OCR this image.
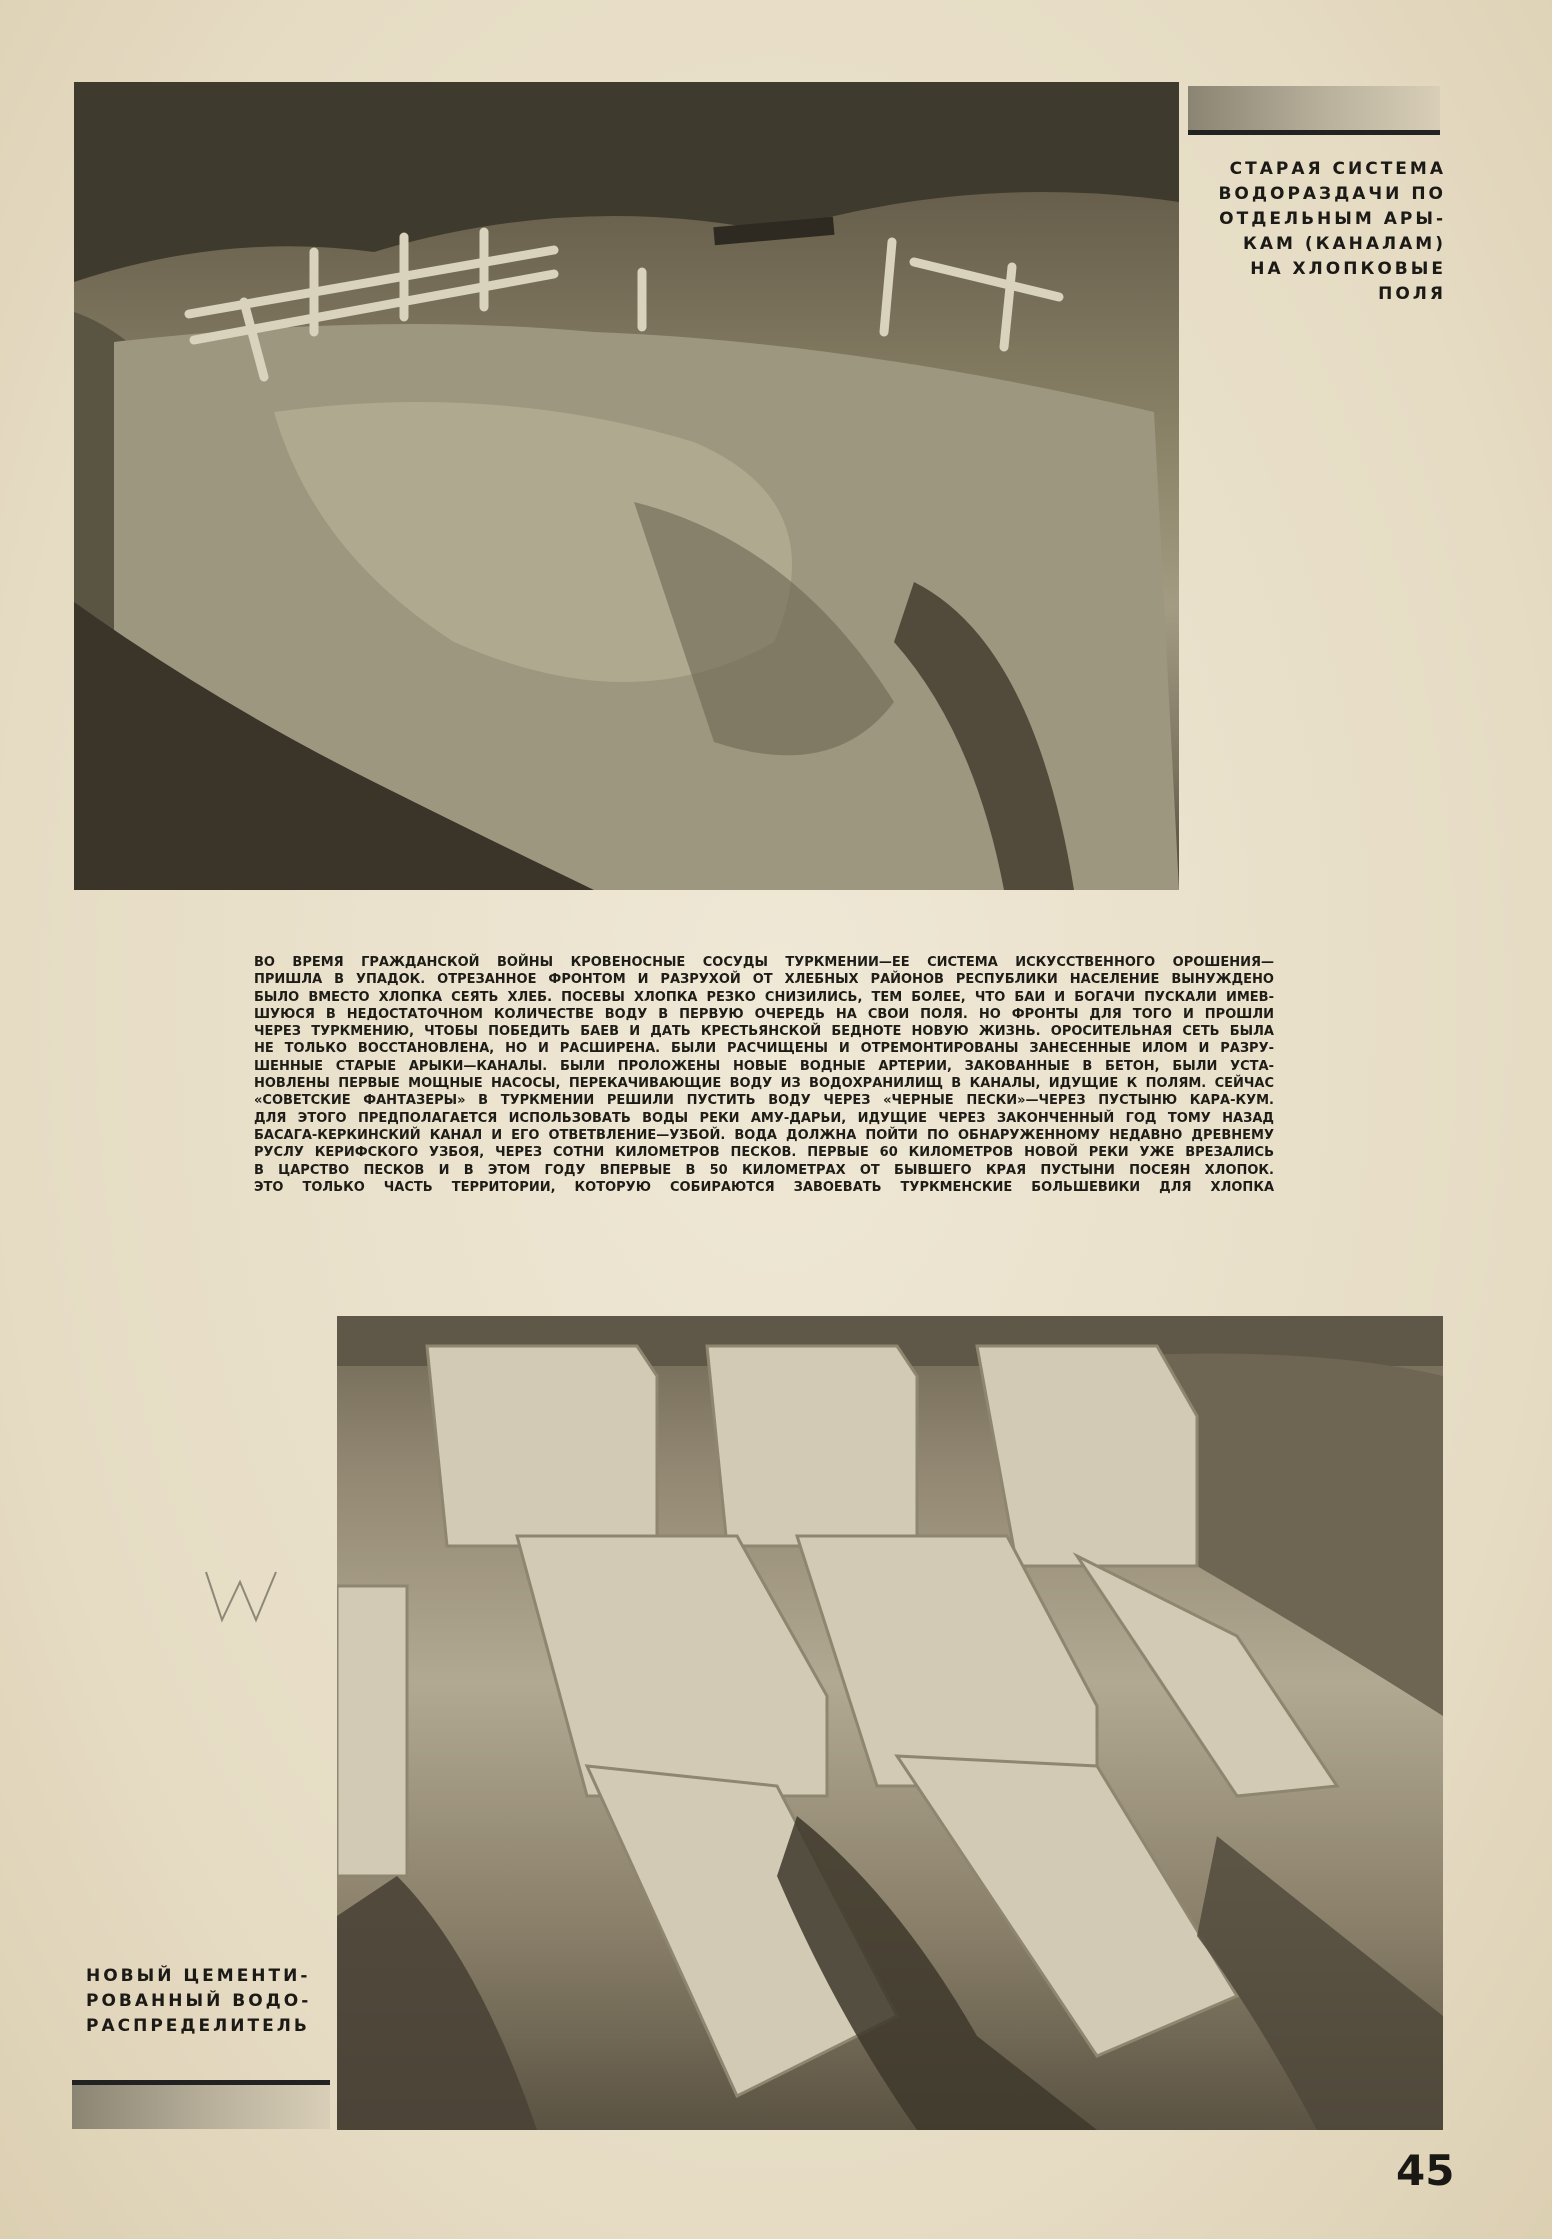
СТАРАЯ СИСТЕМА ВОДОРАЗДАЧИ ПО ОТДЕЛЬНЫМ АРЫ-
КАМ (КАНАЛАМ) НА ХЛОПКОВЫЕ ПОЛЯ

ВО ВРЕМЯ ГРАЖДАНСКОЙ ВОЙНЫ КРОВЕНОСНЫЕ СОСУДЫ ТУРКМЕНИИ—ЕЕ СИСТЕМА ИСКУССТВЕННОГО ОРОШЕНИЯ—

ПРИШЛА В УПАДОК. ОТРЕЗАННОЕ ФРОНТОМ И РАЗРУХОЙ ОТ ХЛЕБНЫХ РАЙОНОВ РЕСПУБЛИКИ НАСЕЛЕНИЕ ВЫНУЖДЕНО

БЫЛО ВМЕСТО ХЛОПКА СЕЯТЬ ХЛЕБ. ПОСЕВЫ ХЛОПКА РЕЗКО СНИЗИЛИСЬ, ТЕМ БОЛЕЕ, ЧТО БАИ И БОГАЧИ ПУСКАЛИ ИМЕВ-

ШУЮСЯ В НЕДОСТАТОЧНОМ КОЛИЧЕСТВЕ ВОДУ В ПЕРВУЮ ОЧЕРЕДЬ НА СВОИ ПОЛЯ. НО ФРОНТЫ ДЛЯ ТОГО И ПРОШЛИ

ЧЕРЕЗ ТУРКМЕНИЮ, ЧТОБЫ ПОБЕДИТЬ БАЕВ И ДАТЬ КРЕСТЬЯНСКОЙ БЕДНОТЕ НОВУЮ ЖИЗНЬ. ОРОСИТЕЛЬНАЯ СЕТЬ БЫЛА

НЕ ТОЛЬКО ВОССТАНОВЛЕНА, НО И РАСШИРЕНА. БЫЛИ РАСЧИЩЕНЫ И ОТРЕМОНТИРОВАНЫ ЗАНЕСЕННЫЕ ИЛОМ И РАЗРУ-

ШЕННЫЕ СТАРЫЕ АРЫКИ—КАНАЛЫ. БЫЛИ ПРОЛОЖЕНЫ НОВЫЕ ВОДНЫЕ АРТЕРИИ, ЗАКОВАННЫЕ В БЕТОН, БЫЛИ УСТА-

НОВЛЕНЫ ПЕРВЫЕ МОЩНЫЕ НАСОСЫ, ПЕРЕКАЧИВАЮЩИЕ ВОДУ ИЗ ВОДОХРАНИЛИЩ В КАНАЛЫ, ИДУЩИЕ К ПОЛЯМ. СЕЙЧАС

«СОВЕТСКИЕ ФАНТАЗЕРЫ» В ТУРКМЕНИИ РЕШИЛИ ПУСТИТЬ ВОДУ ЧЕРЕЗ «ЧЕРНЫЕ ПЕСКИ»—ЧЕРЕЗ ПУСТЫНЮ КАРА-КУМ.

ДЛЯ ЭТОГО ПРЕДПОЛАГАЕТСЯ ИСПОЛЬЗОВАТЬ ВОДЫ РЕКИ АМУ-ДАРЬИ, ИДУЩИЕ ЧЕРЕЗ ЗАКОНЧЕННЫЙ ГОД ТОМУ НАЗАД

БАСАГА-КЕРКИНСКИЙ КАНАЛ И ЕГО ОТВЕТВЛЕНИЕ—УЗБОЙ. ВОДА ДОЛЖНА ПОЙТИ ПО ОБНАРУЖЕННОМУ НЕДАВНО ДРЕВНЕМУ

РУСЛУ КЕРИФСКОГО УЗБОЯ, ЧЕРЕЗ СОТНИ КИЛОМЕТРОВ ПЕСКОВ. ПЕРВЫЕ 60 КИЛОМЕТРОВ НОВОЙ РЕКИ УЖЕ ВРЕЗАЛИСЬ

В ЦАРСТВО ПЕСКОВ И В ЭТОМ ГОДУ ВПЕРВЫЕ В 50 КИЛОМЕТРАХ ОТ БЫВШЕГО КРАЯ ПУСТЫНИ ПОСЕЯН ХЛОПОК.

ЭТО ТОЛЬКО ЧАСТЬ ТЕРРИТОРИИ, КОТОРУЮ СОБИРАЮТСЯ ЗАВОЕВАТЬ ТУРКМЕНСКИЕ БОЛЬШЕВИКИ ДЛЯ ХЛОПКА

НОВЫЙ ЦЕМЕНТИ-
РОВАННЫЙ ВОДО-
РАСПРЕДЕЛИТЕЛЬ
45
